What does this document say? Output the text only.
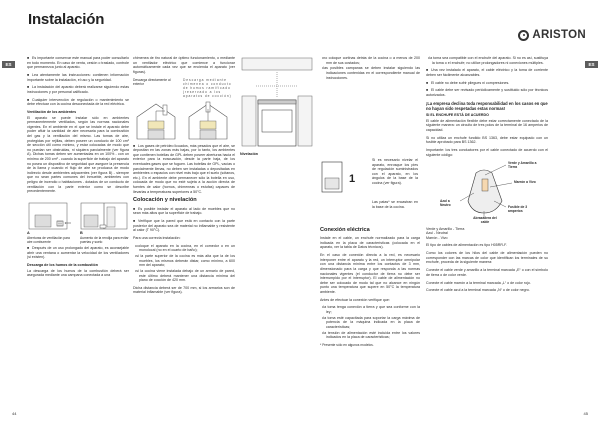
Instalación
ARISTON
ES	ES

■ Es importante conservar este manual para poder consultarlo en todo momento. En caso de venta, cesión o traslado, controle que permanezca junto al aparato.

■ Lea atentamente las instrucciones: contienen información importante sobre la instalación, el uso y la seguridad.

■ La instalación del aparato deberá realizarse siguiendo estas instrucciones y por personal calificado.

■ Cualquier intervención de regulación o mantenimiento se debe efectuar con la cocina desconectada de la red eléctrica.

Ventilación de los ambientes

El aparato se puede instalar sólo en ambientes permanentemente ventilados, según las normas nacionales vigentes. En el ambiente en el que se instale el aparato debe poder afluir la cantidad de aire necesaria para la combustión del gas y la ventilación del mismo. Las tomas de aire, protegidas por rejillas, deben poseer un conducto de 100 cm² de sección útil como mínimo, y estar colocadas de modo que no puedan ser obstruidas, ni siquiera parcialmente (ver figura A). Dichas tomas deben ser aumentadas en un 100% - con un mínimo de 200 cm² - cuando la superficie de trabajo del aparato no posea un dispositivo de seguridad que asegure la presencia de la llama y cuando el flujo de aire se produzca de modo indirecto desde ambientes adyacentes (ver figura B) - siempre que no sean partes comunes del inmueble, ambientes con peligro de incendio o habitaciones - dotados de un conducto de ventilación con la parte exterior como se describe precedentemente.

A
Aberturas de ventilación para aire comburente
B
Aumento de la rendija para evitar puertas y suelo

■ Después de un uso prolongado del aparato, es aconsejable abrir una ventana o aumentar la velocidad de los ventiladores (si existen).

Descarga de los humos de la combustión

La descarga de los humos de la combustión deberá ser asegurada mediante una campana conectada a una

chimenea de tiro natural de óptimo funcionamiento, o mediante un ventilador eléctrico que comience a funcionar automáticamente cada vez que se encienda el aparato (ver figuras).

Descarga directamente al exterior
Descarga mediante chimenea o conducto de humos ramificado (reservado a los aparatos de cocción)

■ Los gases de petróleo licuados, más pesados que el aire, se depositan en las zonas más bajas, por lo tanto, los ambientes que contienen botellas de GPL deben poseer aberturas hacia el exterior para la evacuación, desde la parte baja, de los eventuales gases que se fuguen. Las botellas de GPL, vacías o parcialmente llenas, no deben ser instaladas o depositadas en ambientes o espacios con nivel más bajo que el suelo (sótanos, etc.). En el ambiente debe permanecer sólo la botella en uso, colocada de modo que no esté sujeta a la acción directa de fuentes de calor (hornos, chimeneas o estufas) capaces de llevarlas a temperaturas superiores a 50°C.

Colocación y nivelación

■ Es posible instalar el aparato al lado de muebles que no sean más altos que la superficie de trabajo.

■ Verifique que la pared que está en contacto con la parte posterior del aparato sea de material no inflamable y resistente al calor (T 90°C).

Para una correcta instalación:

• coloque el aparato en la cocina, en el comedor o en un monolocal (no en el cuarto de baño);
• si la parte superior de la cocina es más alta que la de los muebles, los mismos deberán distar, como mínimo, a 600 mm del aparato;
• si la cocina viene instalada debajo de un armario de pared, este último deberá mantener una distancia mínima del plano de cocción de 420 mm.

Dicha distancia deberá ser de 700 mm, si los armarios son de material inflamable (ver figura).

Nivelación
• no coloque cortinas detrás de la cocina o a menos de 200 mm de sus costados;
• las posibles campanas se deben instalar siguiendo las indicaciones contenidas en el correspondiente manual de instrucciones.
1

Si es necesario nivelar el aparato, enrosque los pies de regulación suministrados con el aparato, en los ángulos de la base de la cocina (ver figura).

Las patas* se encastran en la base de la cocina.

Conexión eléctrica

Instale en el cable, un enchufe normalizado para la carga indicada en la placa de características (colocada en el aparato, ver la tabla de Datos técnicos).

En el caso de conexión directa a la red, es necesario interponer entre el aparato y la red, un interruptor omnipolar con una distancia mínima entre los contactos de 3 mm, dimensionado para la carga y que responda a las normas nacionales vigentes (el conductor de tierra no debe ser interrumpido por el interruptor). El cable de alimentación no debe ser colocado de modo tal que no alcance en ningún punto una temperatura que supere en 50°C la temperatura ambiente.

Antes de efectuar la conexión verifique que:

• la toma tenga conexión a tierra y que sea conforme con la ley;
• la toma esté capacitada para soportar la carga máxima de potencia de la máquina indicada en la placa de características;
• la tensión de alimentación esté incluida entre los valores indicados en la placa de características;

* Presente sólo en algunos modelos.

• la toma sea compatible con el enchufe del aparato. Si no es así, sustituya la toma o el enchufe; no utilice prolongadores ni conexiones múltiples.

■ Una vez instalado el aparato, el cable eléctrico y la toma de corriente deben ser fácilmente alcanzables.

■ El cable no debe sufrir pliegues ni compresiones.

■ El cable debe ser revisado periódicamente y sustituido sólo por técnicos autorizados.

¡La empresa declina toda responsabilidad en los casos en que no hayan sido respetadas estas normas!
SI EL ENCHUFE ESTÁ DE ACUERDO

El cable de alimentación flexible debe estar correctamente conectado de la siguiente manera: un circuito de tres polos de la terminal de 16 amperios de capacidad.

Si no utiliza un enchufe fundido BS 1363, debe estar equipado con un fusible aprobado para BS 1362.

Importante: los tres conductores por el cable conectado de acuerdo con el siguiente código:

Verde y Amarillo a Tierra
Marrón a Vivo
Azul a Neutro	Fusible de 3 amperios
Abrazadera del cable

Verde y Amarillo - Tierra
Azul - Neutral
Marrón - Vivo

El tipo de cables de alimentación es tipo H05RR-F.

Como los colores de los hilos del cable de alimentación pueden no corresponder con las marcas de color que identifican los terminales de su enchufe, proceda de la siguiente manera:

Conecte el cable verde y amarillo a la terminal marcada „E“ o con el símbolo de tierra o de color verde.

Conecte el cable marrón a la terminal marcada „L“ o de color rojo.

Conecte el cable azul a la terminal marcada „N“ o de color negro.

44	45
